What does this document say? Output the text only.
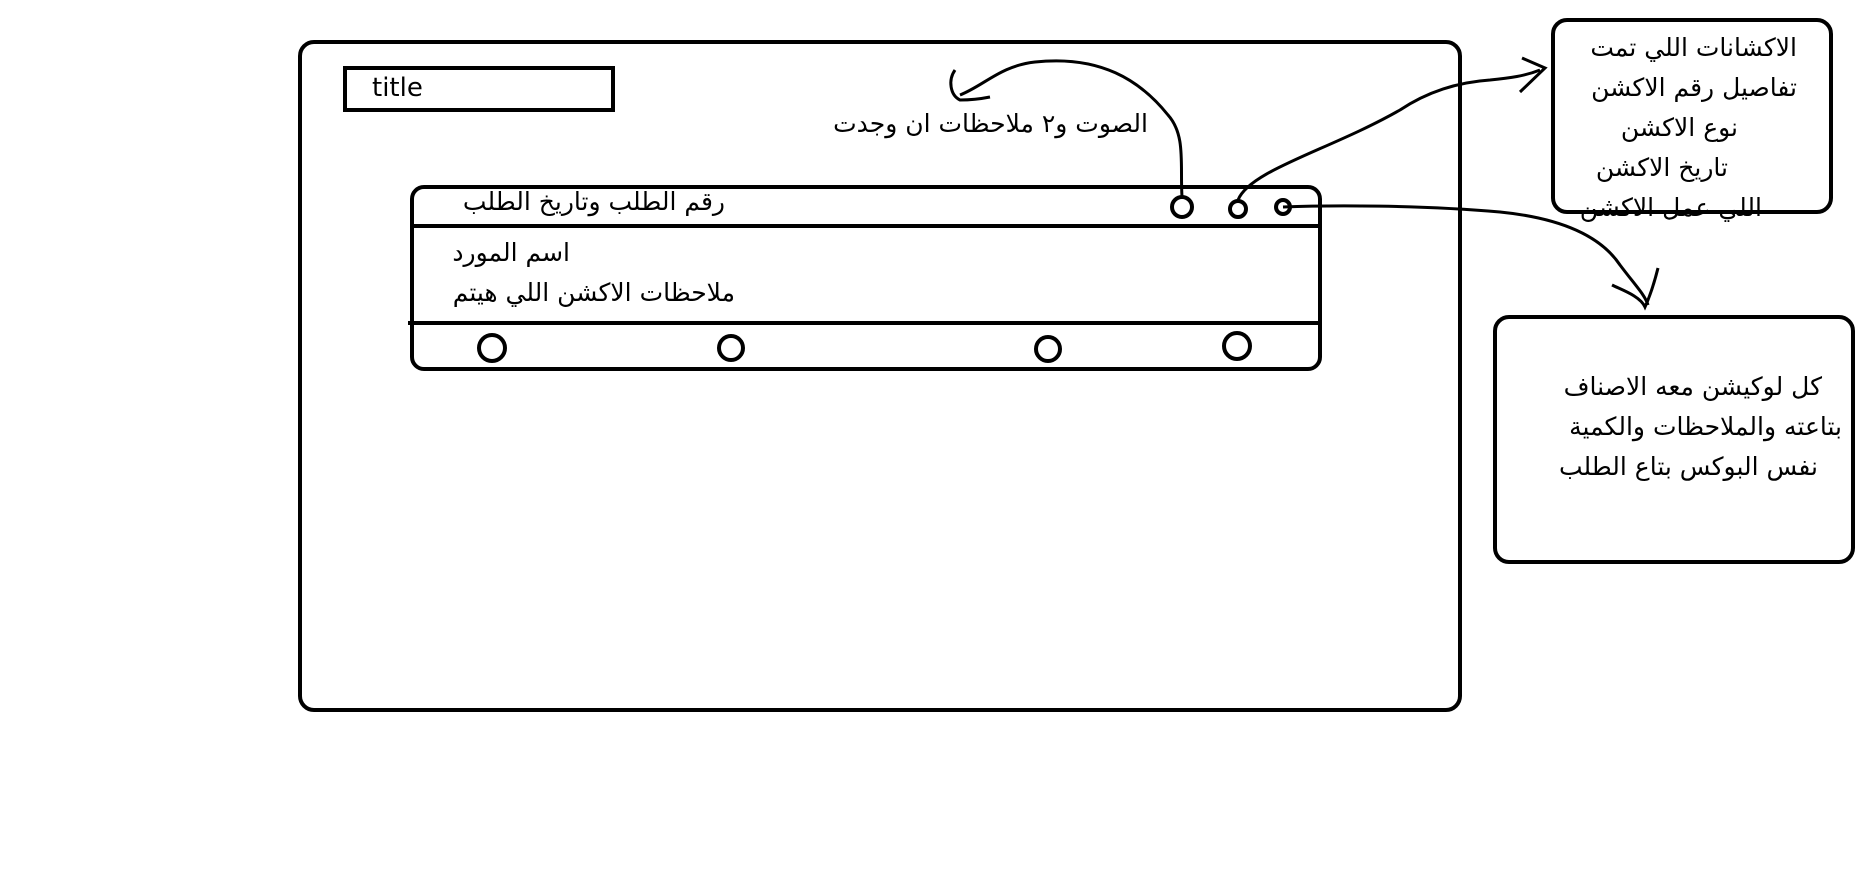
title
رقم الطلب وتاريخ الطلب
اسم المورد
ملاحظات الاكشن اللي هيتم
الصوت و٢ ملاحظات ان وجدت
الاكشانات اللي تمت
تفاصيل رقم الاكشن
نوع الاكشن
تاريخ الاكشن
اللي عمل الاكشن
كل لوكيشن معه الاصناف
بتاعته والملاحظات والكمية
نفس البوكس بتاع الطلب
